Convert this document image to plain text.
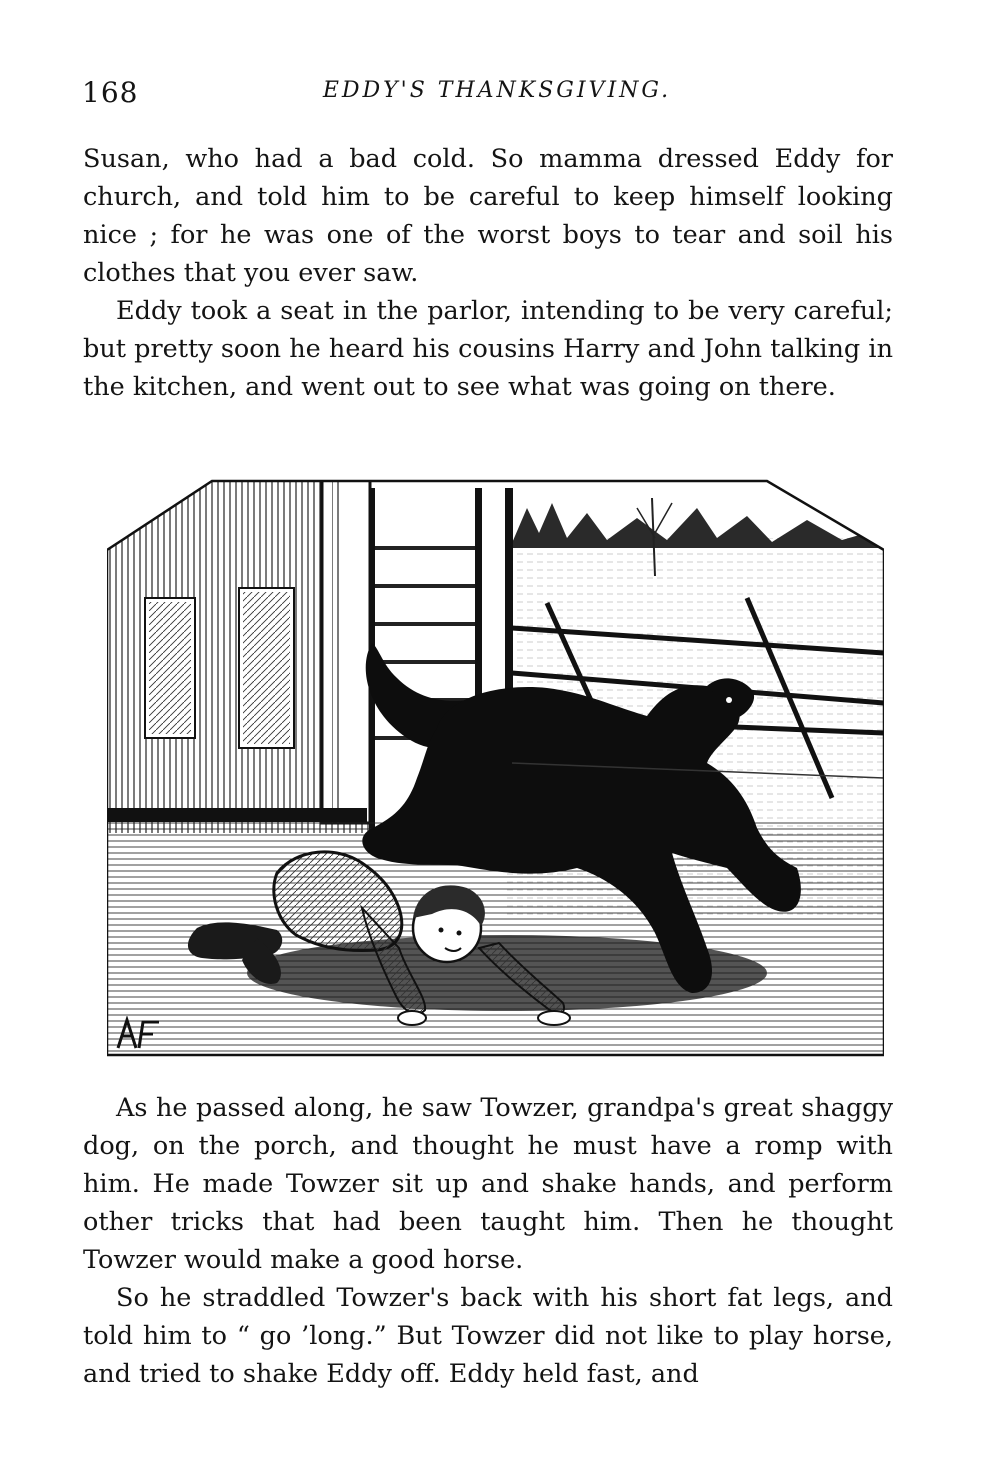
168	EDDY'S THANKSGIVING.

Susan, who had a bad cold. So mamma dressed Eddy for church, and told him to be careful to keep himself looking nice ; for he was one of the worst boys to tear and soil his clothes that you ever saw.

Eddy took a seat in the parlor, intending to be very careful; but pretty soon he heard his cousins Harry and John talking in the kitchen, and went out to see what was going on there.

As he passed along, he saw Towzer, grandpa's great shaggy dog, on the porch, and thought he must have a romp with him. He made Towzer sit up and shake hands, and perform other tricks that had been taught him. Then he thought Towzer would make a good horse.

So he straddled Towzer's back with his short fat legs, and told him to “ go ’long.” But Towzer did not like to play horse, and tried to shake Eddy off. Eddy held fast, and
